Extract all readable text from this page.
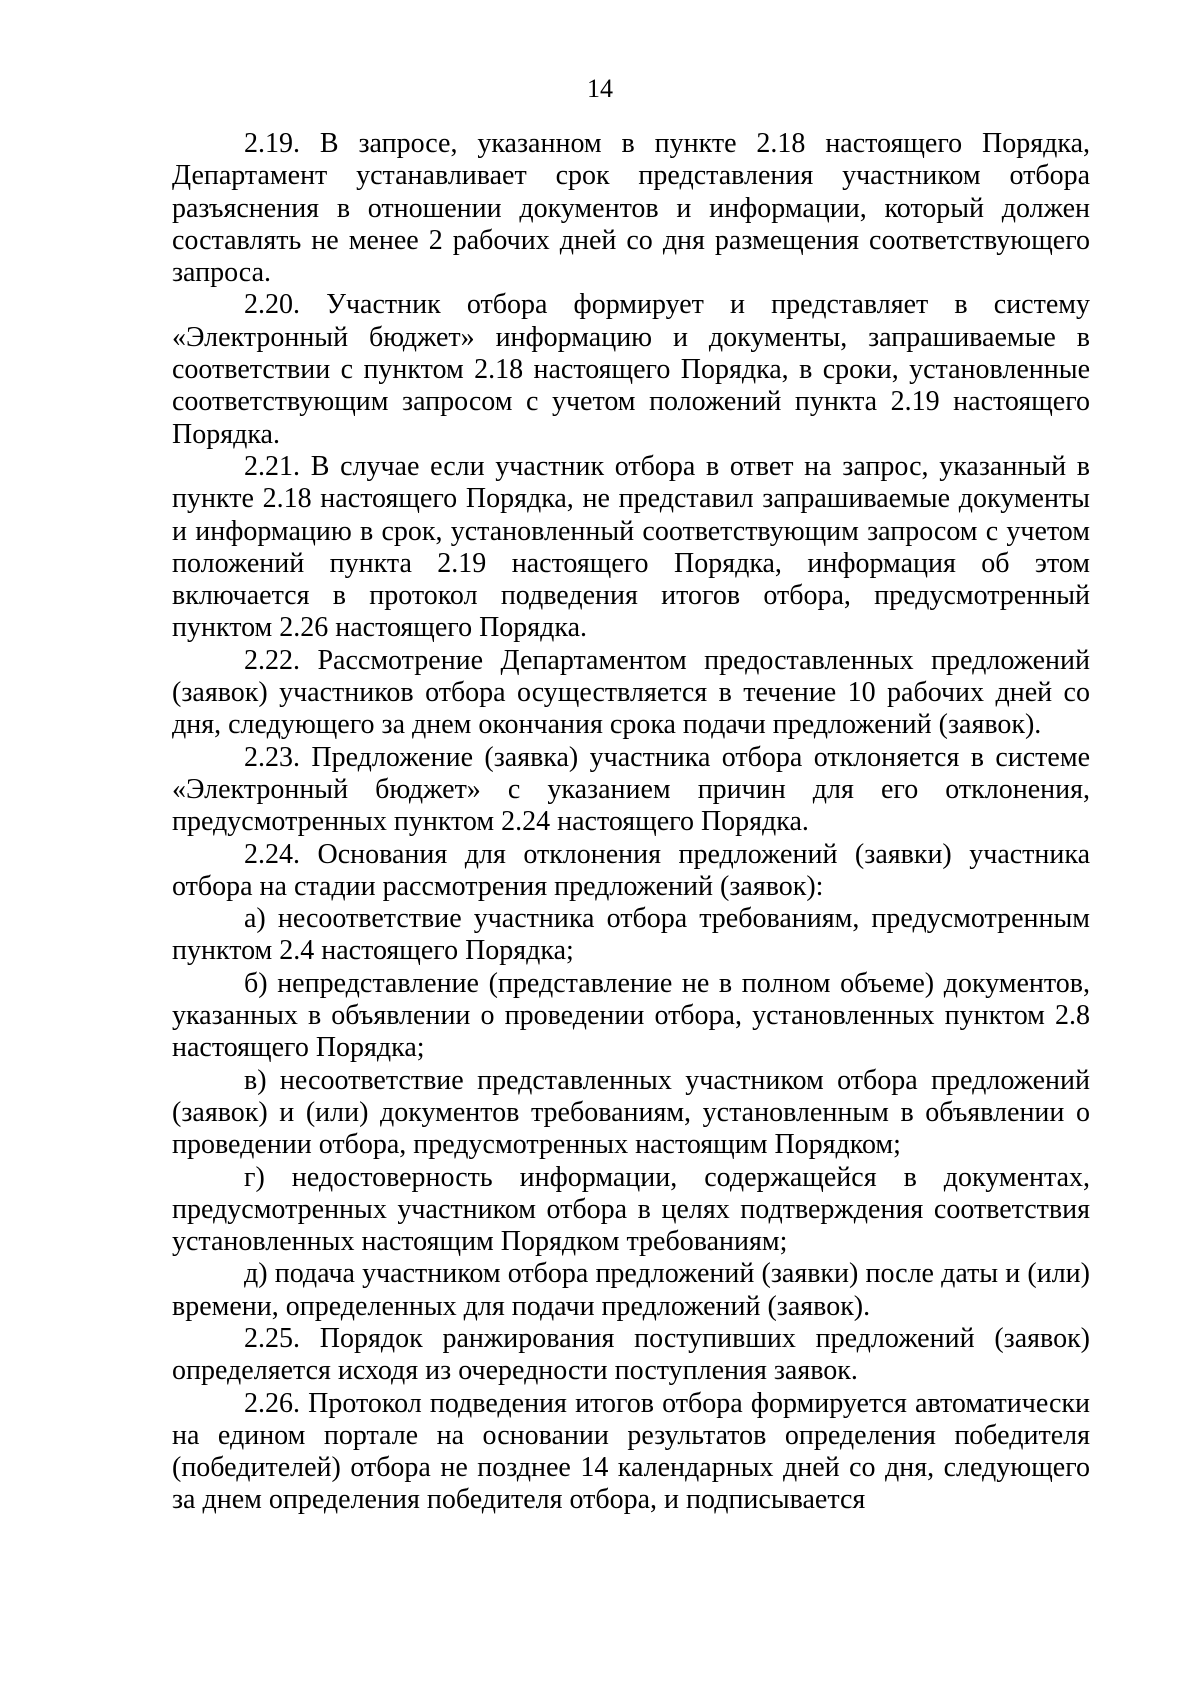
14

2.19. В запросе, указанном в пункте 2.18 настоящего Порядка, Департамент устанавливает срок представления участником отбора разъяснения в отношении документов и информации, который должен составлять не менее 2 рабочих дней со дня размещения соответствующего запроса.

2.20. Участник отбора формирует и представляет в систему «Электронный бюджет» информацию и документы, запрашиваемые в соответствии с пунктом 2.18 настоящего Порядка, в сроки, установленные соответствующим запросом с учетом положений пункта 2.19 настоящего Порядка.

2.21. В случае если участник отбора в ответ на запрос, указанный в пункте 2.18 настоящего Порядка, не представил запрашиваемые документы и информацию в срок, установленный соответствующим запросом с учетом положений пункта 2.19 настоящего Порядка, информация об этом включается в протокол подведения итогов отбора, предусмотренный пунктом 2.26 настоящего Порядка.

2.22. Рассмотрение Департаментом предоставленных предложений (заявок) участников отбора осуществляется в течение 10 рабочих дней со дня, следующего за днем окончания срока подачи предложений (заявок).

2.23. Предложение (заявка) участника отбора отклоняется в системе «Электронный бюджет» с указанием причин для его отклонения, предусмотренных пунктом 2.24 настоящего Порядка.

2.24. Основания для отклонения предложений (заявки) участника отбора на стадии рассмотрения предложений (заявок):

а) несоответствие участника отбора требованиям, предусмотренным пунктом 2.4 настоящего Порядка;

б) непредставление (представление не в полном объеме) документов, указанных в объявлении о проведении отбора, установленных пунктом 2.8 настоящего Порядка;

в) несоответствие представленных участником отбора предложений (заявок) и (или) документов требованиям, установленным в объявлении о проведении отбора, предусмотренных настоящим Порядком;

г) недостоверность информации, содержащейся в документах, предусмотренных участником отбора в целях подтверждения соответствия установленных настоящим Порядком требованиям;

д) подача участником отбора предложений (заявки) после даты и (или) времени, определенных для подачи предложений (заявок).

2.25. Порядок ранжирования поступивших предложений (заявок) определяется исходя из очередности поступления заявок.

2.26. Протокол подведения итогов отбора формируется автоматически на едином портале на основании результатов определения победителя (победителей) отбора не позднее 14 календарных дней со дня, следующего за днем определения победителя отбора, и подписывается
